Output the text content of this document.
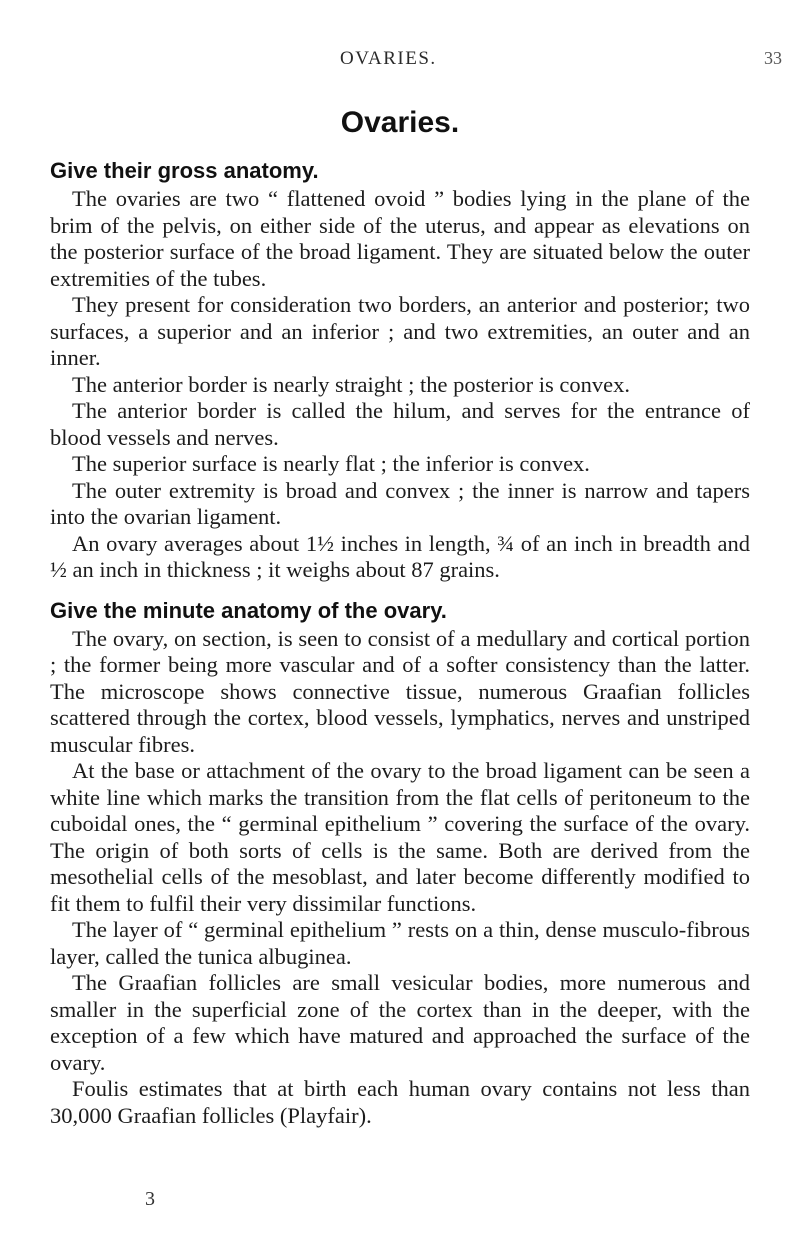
OVARIES.	33
Ovaries.
Give their gross anatomy.

The ovaries are two “ flattened ovoid ” bodies lying in the plane of the brim of the pelvis, on either side of the uterus, and appear as elevations on the posterior surface of the broad ligament. They are situated below the outer extremities of the tubes.

They present for consideration two borders, an anterior and posterior; two surfaces, a superior and an inferior ; and two extremities, an outer and an inner.

The anterior border is nearly straight ; the posterior is convex.

The anterior border is called the hilum, and serves for the entrance of blood vessels and nerves.

The superior surface is nearly flat ; the inferior is convex.

The outer extremity is broad and convex ; the inner is narrow and tapers into the ovarian ligament.

An ovary averages about 1½ inches in length, ¾ of an inch in breadth and ½ an inch in thickness ; it weighs about 87 grains.

Give the minute anatomy of the ovary.

The ovary, on section, is seen to consist of a medullary and cortical portion ; the former being more vascular and of a softer consistency than the latter. The microscope shows connective tissue, numerous Graafian follicles scattered through the cortex, blood vessels, lymphatics, nerves and unstriped muscular fibres.

At the base or attachment of the ovary to the broad ligament can be seen a white line which marks the transition from the flat cells of peritoneum to the cuboidal ones, the “ germinal epithelium ” covering the surface of the ovary. The origin of both sorts of cells is the same. Both are derived from the mesothelial cells of the mesoblast, and later become differently modified to fit them to fulfil their very dissimilar functions.

The layer of “ germinal epithelium ” rests on a thin, dense musculo-fibrous layer, called the tunica albuginea.

The Graafian follicles are small vesicular bodies, more numerous and smaller in the superficial zone of the cortex than in the deeper, with the exception of a few which have matured and approached the surface of the ovary.

Foulis estimates that at birth each human ovary contains not less than 30,000 Graafian follicles (Playfair).

3
